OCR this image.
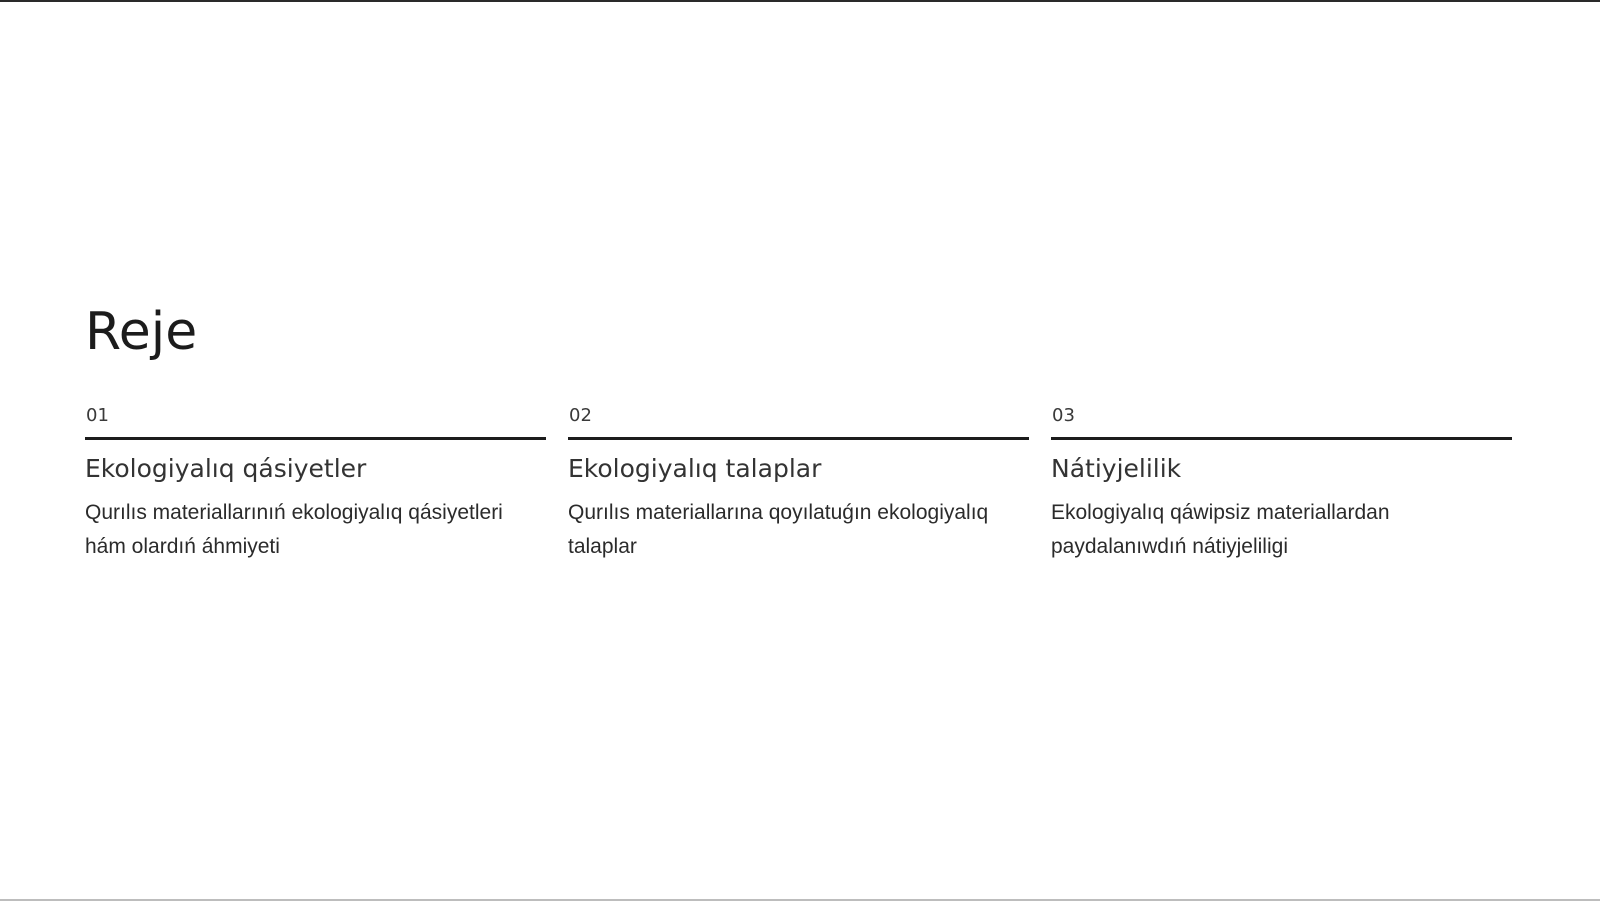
Reje
01
Ekologiyalıq qásiyetler
Qurılıs materiallarınıń ekologiyalıq qásiyetleri hám olardıń áhmiyeti
02
Ekologiyalıq talaplar
Qurılıs materiallarına qoyılatuǵın ekologiyalıq talaplar
03
Nátiyjelilik
Ekologiyalıq qáwipsiz materiallardan paydalanıwdıń nátiyjeliligi
